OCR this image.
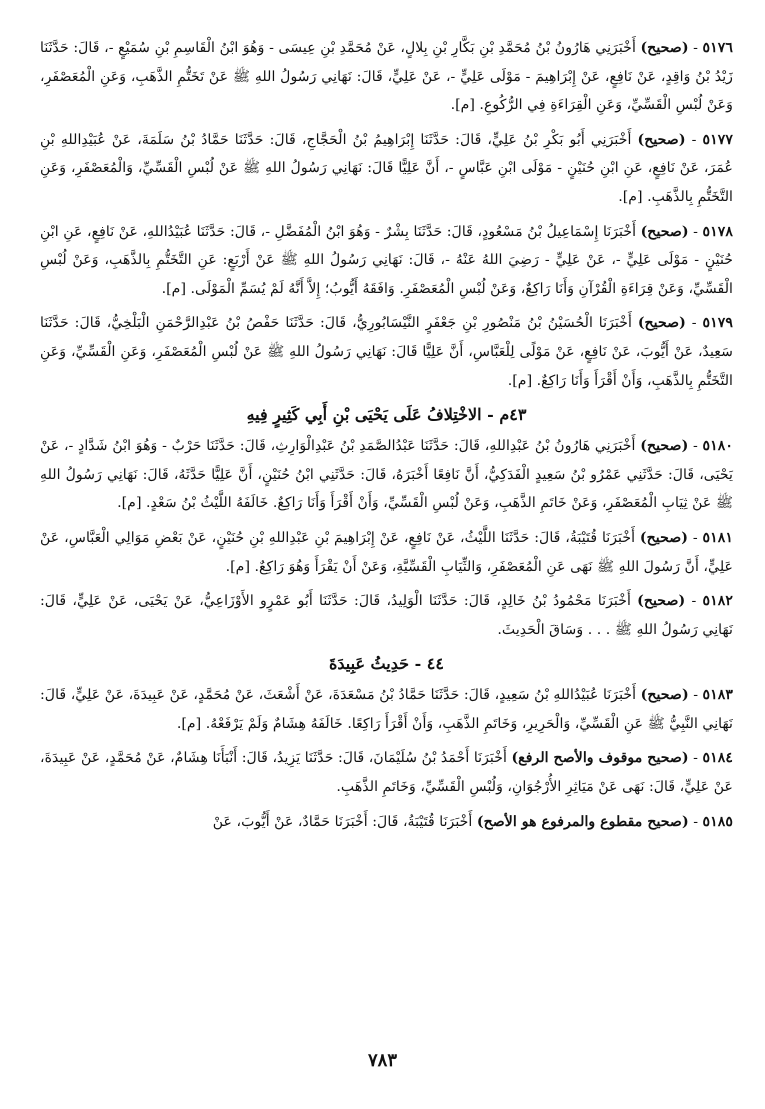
٥١٧٦ - (صحيح) أَخْبَرَنِي هَارُونُ بْنُ مُحَمَّدِ بْنِ بَكَّارِ بْنِ بِلالٍ، عَنْ مُحَمَّدِ بْنِ عِيسَى - وَهُوَ ابْنُ الْقَاسِمِ بْنِ سُمَيْعٍ -، قَالَ: حَدَّثَنَا زَيْدُ بْنُ وَاقِدٍ، عَنْ نَافِعٍ، عَنْ إِبْرَاهِيمَ - مَوْلَى عَلِيٍّ -، عَنْ عَلِيٍّ، قَالَ: نَهَانِي رَسُولُ اللهِ ﷺ عَنْ تَخَتُّمِ الذَّهَبِ، وَعَنِ الْمُعَصْفَرِ، وَعَنْ لُبْسِ الْقَسِّيِّ، وَعَنِ الْقِرَاءَةِ فِي الرُّكُوعِ. [م].

٥١٧٧ - (صحيح) أَخْبَرَنِي أَبُو بَكْرِ بْنُ عَلِيٍّ، قَالَ: حَدَّثَنَا إِبْرَاهِيمُ بْنُ الْحَجَّاجِ، قَالَ: حَدَّثَنَا حَمَّادُ بْنُ سَلَمَةَ، عَنْ عُبَيْدِاللهِ بْنِ عُمَرَ، عَنْ نَافِعٍ، عَنِ ابْنِ حُنَيْنٍ - مَوْلَى ابْنِ عَبَّاسٍ -، أَنَّ عَلِيًّا قَالَ: نَهَانِي رَسُولُ اللهِ ﷺ عَنْ لُبْسِ الْقَسِّيِّ، وَالْمُعَصْفَرِ، وَعَنِ التَّخَتُّمِ بِالذَّهَبِ. [م].

٥١٧٨ - (صحيح) أَخْبَرَنَا إِسْمَاعِيلُ بْنُ مَسْعُودٍ، قَالَ: حَدَّثَنَا بِشْرٌ - وَهُوَ ابْنُ الْمُفَضَّلِ -، قَالَ: حَدَّثَنَا عُبَيْدُاللهِ، عَنْ نَافِعٍ، عَنِ ابْنِ حُنَيْنٍ - مَوْلَى عَلِيٍّ -، عَنْ عَلِيٍّ - رَضِيَ اللهُ عَنْهُ -، قَالَ: نَهَانِي رَسُولُ اللهِ ﷺ عَنْ أَرْبَعٍ: عَنِ التَّخَتُّمِ بِالذَّهَبِ، وَعَنْ لُبْسِ الْقَسِّيِّ، وَعَنْ قِرَاءَةِ الْقُرْآنِ وَأَنَا رَاكِعٌ، وَعَنْ لُبْسِ الْمُعَصْفَرِ. وَافَقَهُ أَيُّوبُ؛ إِلاَّ أَنَّهُ لَمْ يُسَمِّ الْمَوْلَى. [م].

٥١٧٩ - (صحيح) أَخْبَرَنَا الْحُسَيْنُ بْنُ مَنْصُورِ بْنِ جَعْفَرٍ النَّيْسَابُورِيُّ، قَالَ: حَدَّثَنَا حَفْصُ بْنُ عَبْدِالرَّحْمَنِ الْبَلْخِيُّ، قَالَ: حَدَّثَنَا سَعِيدٌ، عَنْ أَيُّوبَ، عَنْ نَافِعٍ، عَنْ مَوْلًى لِلْعَبَّاسِ، أَنَّ عَلِيًّا قَالَ: نَهَانِي رَسُولُ اللهِ ﷺ عَنْ لُبْسِ الْمُعَصْفَرِ، وَعَنِ الْقَسِّيِّ، وَعَنِ التَّخَتُّمِ بِالذَّهَبِ، وَأَنْ أَقْرَأَ وَأَنَا رَاكِعٌ. [م].

٤٣م - الاخْتِلافُ عَلَى يَحْيَى بْنِ أَبِي كَثِيرٍ فِيهِ

٥١٨٠ - (صحيح) أَخْبَرَنِي هَارُونُ بْنُ عَبْدِاللهِ، قَالَ: حَدَّثَنَا عَبْدُالصَّمَدِ بْنُ عَبْدِالْوَارِثِ، قَالَ: حَدَّثَنَا حَرْبٌ - وَهُوَ ابْنُ شَدَّادٍ -، عَنْ يَحْيَى، قَالَ: حَدَّثَنِي عَمْرُو بْنُ سَعِيدٍ الْفَدَكِيُّ، أَنَّ نَافِعًا أَخْبَرَهُ، قَالَ: حَدَّثَنِي ابْنُ حُنَيْنٍ، أَنَّ عَلِيًّا حَدَّثَهُ، قَالَ: نَهَانِي رَسُولُ اللهِ ﷺ عَنْ ثِيَابِ الْمُعَصْفَرِ، وَعَنْ خَاتَمِ الذَّهَبِ، وَعَنْ لُبْسِ الْقَسِّيِّ، وَأَنْ أَقْرَأَ وَأَنَا رَاكِعٌ. خَالَفَهُ اللَّيْثُ بْنُ سَعْدٍ. [م].

٥١٨١ - (صحيح) أَخْبَرَنَا قُتَيْبَةُ، قَالَ: حَدَّثَنَا اللَّيْثُ، عَنْ نَافِعٍ، عَنْ إِبْرَاهِيمَ بْنِ عَبْدِاللهِ بْنِ حُنَيْنٍ، عَنْ بَعْضِ مَوَالِي الْعَبَّاسِ، عَنْ عَلِيٍّ، أَنَّ رَسُولَ اللهِ ﷺ نَهَى عَنِ الْمُعَصْفَرِ، وَالثِّيَابِ الْقَسِّيَّةِ، وَعَنْ أَنْ يَقْرَأَ وَهُوَ رَاكِعٌ. [م].

٥١٨٢ - (صحيح) أَخْبَرَنَا مَحْمُودُ بْنُ خَالِدٍ، قَالَ: حَدَّثَنَا الْوَلِيدُ، قَالَ: حَدَّثَنَا أَبُو عَمْرٍو الأَوْزَاعِيُّ، عَنْ يَحْيَى، عَنْ عَلِيٍّ، قَالَ: نَهَانِي رَسُولُ اللهِ ﷺ . . . وَسَاقَ الْحَدِيثَ.

٤٤ - حَدِيثُ عَبِيدَةَ

٥١٨٣ - (صحيح) أَخْبَرَنَا عُبَيْدُاللهِ بْنُ سَعِيدٍ، قَالَ: حَدَّثَنَا حَمَّادُ بْنُ مَسْعَدَةَ، عَنْ أَشْعَثَ، عَنْ مُحَمَّدٍ، عَنْ عَبِيدَةَ، عَنْ عَلِيٍّ، قَالَ: نَهَانِي النَّبِيُّ ﷺ عَنِ الْقَسِّيِّ، وَالْحَرِيرِ، وَخَاتَمِ الذَّهَبِ، وَأَنْ أَقْرَأَ رَاكِعًا. خَالَفَهُ هِشَامٌ وَلَمْ يَرْفَعْهُ. [م].

٥١٨٤ - (صحيح موقوف والأصح الرفع) أَخْبَرَنَا أَحْمَدُ بْنُ سُلَيْمَانَ، قَالَ: حَدَّثَنَا يَزِيدُ، قَالَ: أَنْبَأَنَا هِشَامٌ، عَنْ مُحَمَّدٍ، عَنْ عَبِيدَةَ، عَنْ عَلِيٍّ، قَالَ: نَهَى عَنْ مَيَاثِرِ الأُرْجُوَانِ، وَلُبْسِ الْقَسِّيِّ، وَخَاتَمِ الذَّهَبِ.

٥١٨٥ - (صحيح مقطوع والمرفوع هو الأصح) أَخْبَرَنَا قُتَيْبَةُ، قَالَ: أَخْبَرَنَا حَمَّادٌ، عَنْ أَيُّوبَ، عَنْ

٧٨٣
